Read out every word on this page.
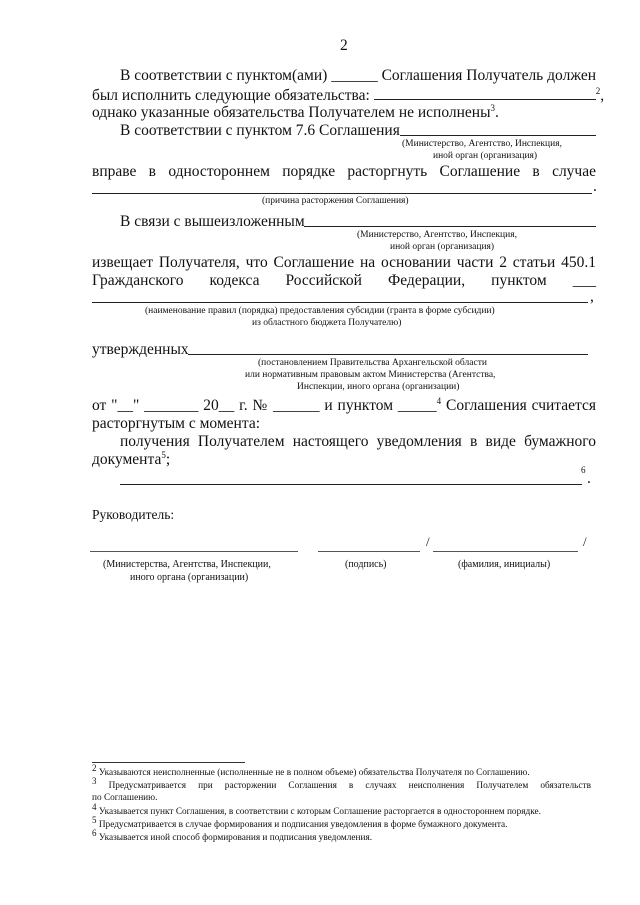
2
В соответствии с пунктом(ами) ______ Соглашения Получатель должен
был исполнить следующие обязательства:	$^2$,
однако указанные обязательства Получателем не исполнены$^3$.
В соответствии с пунктом 7.6 Соглашения
(Министерство, Агентство, Инспекция,
иной орган (организация)
вправе в одностороннем порядке расторгнуть Соглашение в случае
.
(причина расторжения Соглашения)
В связи с вышеизложенным
(Министерство, Агентство, Инспекция,
иной орган (организация)
извещает Получателя, что Соглашение на основании части 2 статьи 450.1
Гражданского кодекса Российской Федерации, пунктом ___
,
(наименование правил (порядка) предоставления субсидии (гранта в форме субсидии)
из областного бюджета Получателю)
утвержденных
(постановлением Правительства Архангельской области
или нормативным правовым актом Министерства (Агентства,
Инспекции, иного органа (организации)
от "__" _______ 20__ г. № ______ и пунктом _____$^4$ Соглашения считается
расторгнутым с момента:
получения Получателем настоящего уведомления в виде бумажного
документа$^5$;
6 .
Руководитель:
/	/
(Министерства, Агентства, Инспекции,
иного органа (организации)
(подпись)	(фамилия, инициалы)
$^2$ Указываются неисполненные (исполненные не в полном объеме) обязательства Получателя по Соглашению.
$^3$ Предусматривается при расторжении Соглашения в случаях неисполнения Получателем обязательств
по Соглашению.
$^4$ Указывается пункт Соглашения, в соответствии с которым Соглашение расторгается в одностороннем порядке.
$^5$ Предусматривается в случае формирования и подписания уведомления в форме бумажного документа.
$^6$ Указывается иной способ формирования и подписания уведомления.
